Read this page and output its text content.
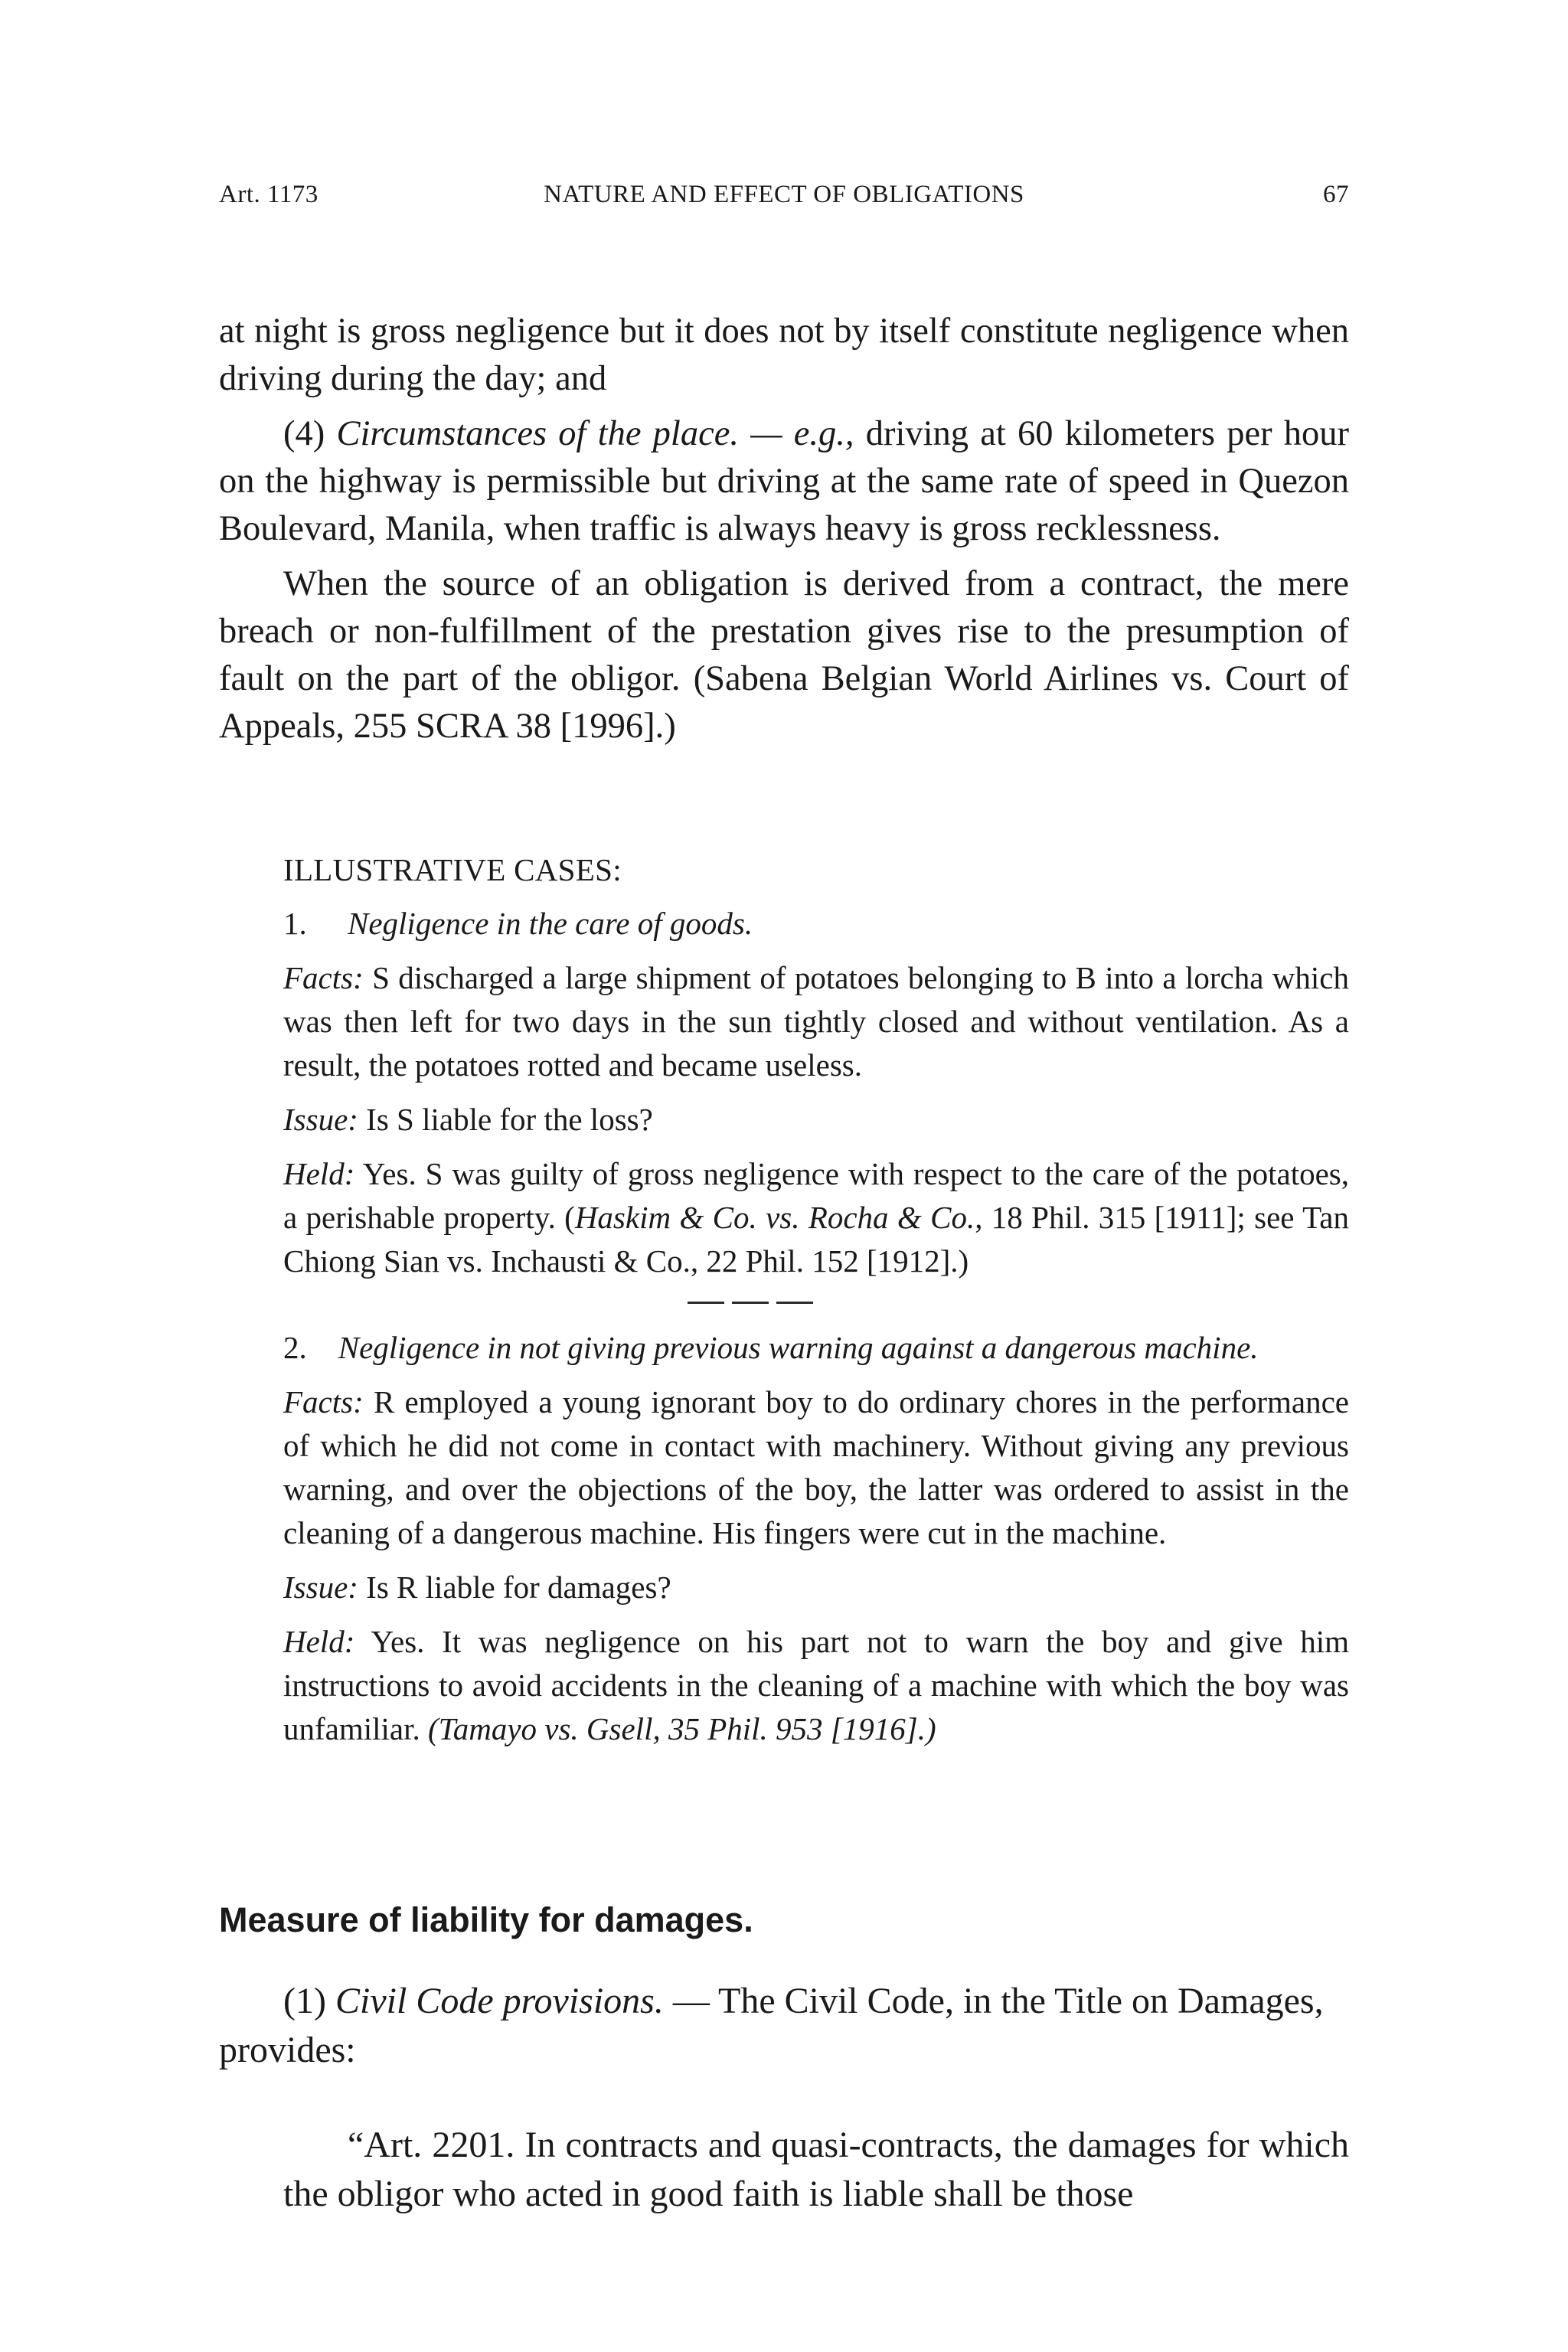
Art. 1173	NATURE AND EFFECT OF OBLIGATIONS	67

at night is gross negligence but it does not by itself constitute negligence when driving during the day; and

(4) Circumstances of the place. — e.g., driving at 60 kilometers per hour on the highway is permissible but driving at the same rate of speed in Quezon Boulevard, Manila, when traffic is always heavy is gross recklessness.

When the source of an obligation is derived from a contract, the mere breach or non-fulfillment of the prestation gives rise to the presumption of fault on the part of the obligor. (Sabena Belgian World Airlines vs. Court of Appeals, 255 SCRA 38 [1996].)

ILLUSTRATIVE CASES:

1. Negligence in the care of goods.

Facts: S discharged a large shipment of potatoes belonging to B into a lorcha which was then left for two days in the sun tightly closed and without ventilation. As a result, the potatoes rotted and became useless.

Issue: Is S liable for the loss?

Held: Yes. S was guilty of gross negligence with respect to the care of the potatoes, a perishable property. (Haskim & Co. vs. Rocha & Co., 18 Phil. 315 [1911]; see Tan Chiong Sian vs. Inchausti & Co., 22 Phil. 152 [1912].)

2. Negligence in not giving previous warning against a dangerous machine.

Facts: R employed a young ignorant boy to do ordinary chores in the performance of which he did not come in contact with machinery. Without giving any previous warning, and over the objections of the boy, the latter was ordered to assist in the cleaning of a dangerous machine. His fingers were cut in the machine.

Issue: Is R liable for damages?

Held: Yes. It was negligence on his part not to warn the boy and give him instructions to avoid accidents in the cleaning of a machine with which the boy was unfamiliar. (Tamayo vs. Gsell, 35 Phil. 953 [1916].)

Measure of liability for damages.

(1) Civil Code provisions. — The Civil Code, in the Title on Damages, provides:

“Art. 2201. In contracts and quasi-contracts, the damages for which the obligor who acted in good faith is liable shall be those
